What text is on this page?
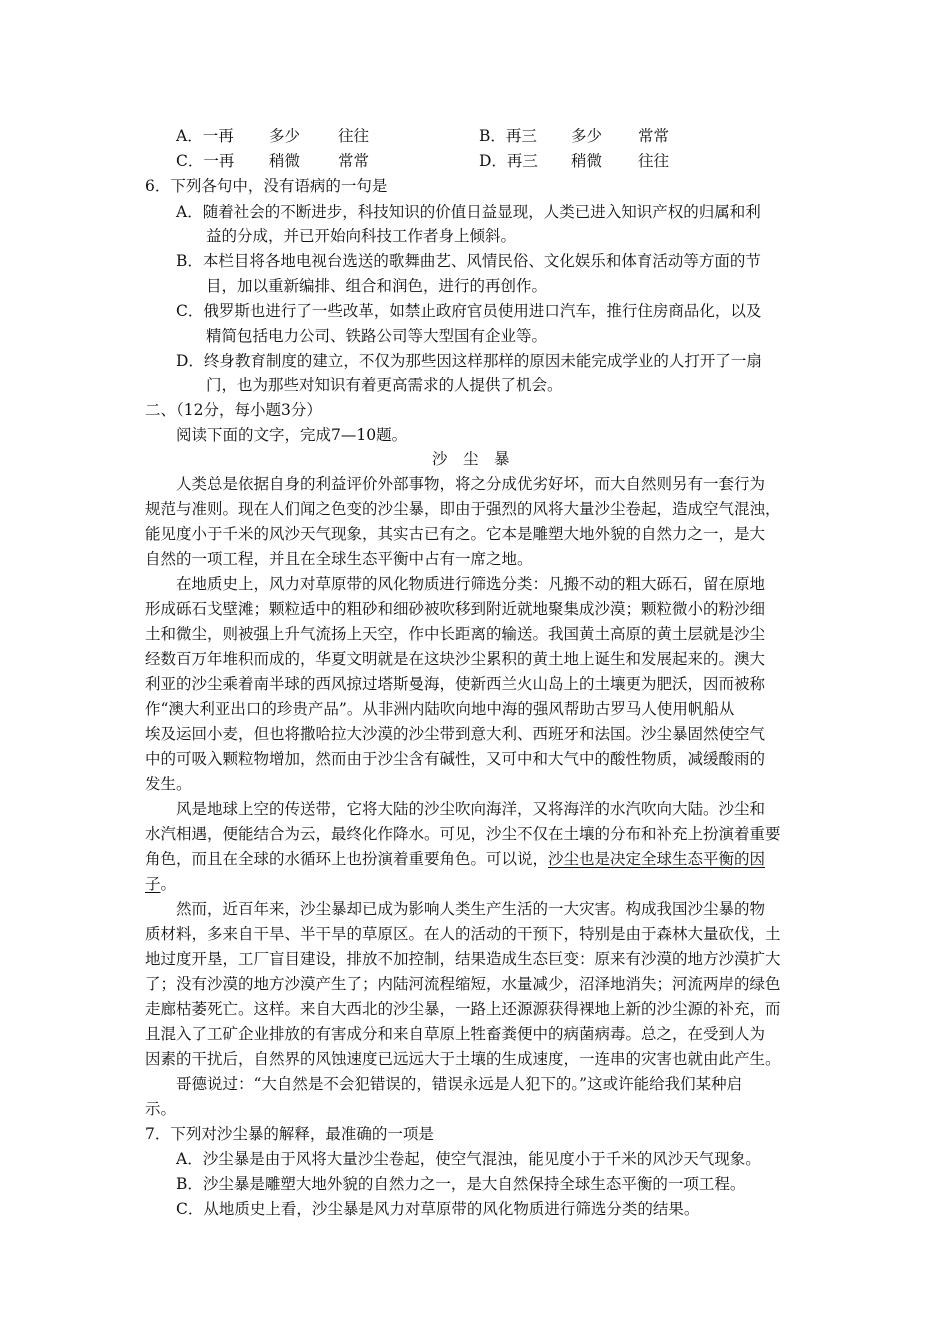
A．一再 多少 往往	B．再三 多少 常常
C．一再 稍微 常常	D．再三 稍微 往往
6．下列各句中，没有语病的一句是
A．随着社会的不断进步，科技知识的价值日益显现，人类已进入知识产权的归属和利
益的分成，并已开始向科技工作者身上倾斜。
B．本栏目将各地电视台选送的歌舞曲艺、风情民俗、文化娱乐和体育活动等方面的节
目，加以重新编排、组合和润色，进行的再创作。
C．俄罗斯也进行了一些改革，如禁止政府官员使用进口汽车，推行住房商品化，以及
精简包括电力公司、铁路公司等大型国有企业等。
D．终身教育制度的建立，不仅为那些因这样那样的原因未能完成学业的人打开了一扇
门，也为那些对知识有着更高需求的人提供了机会。
二、（12分，每小题3分）
阅读下面的文字，完成7—10题。
沙　尘　暴
人类总是依据自身的利益评价外部事物，将之分成优劣好坏，而大自然则另有一套行为
规范与准则。现在人们闻之色变的沙尘暴，即由于强烈的风将大量沙尘卷起，造成空气混浊，
能见度小于千米的风沙天气现象，其实古已有之。它本是雕塑大地外貌的自然力之一，是大
自然的一项工程，并且在全球生态平衡中占有一席之地。
在地质史上，风力对草原带的风化物质进行筛选分类：凡搬不动的粗大砾石，留在原地
形成砾石戈壁滩；颗粒适中的粗砂和细砂被吹移到附近就地聚集成沙漠；颗粒微小的粉沙细
土和微尘，则被强上升气流扬上天空，作中长距离的输送。我国黄土高原的黄土层就是沙尘
经数百万年堆积而成的，华夏文明就是在这块沙尘累积的黄土地上诞生和发展起来的。澳大
利亚的沙尘乘着南半球的西风掠过塔斯曼海，使新西兰火山岛上的土壤更为肥沃，因而被称
作“澳大利亚出口的珍贵产品”。从非洲内陆吹向地中海的强风帮助古罗马人使用帆船从
埃及运回小麦，但也将撒哈拉大沙漠的沙尘带到意大利、西班牙和法国。沙尘暴固然使空气
中的可吸入颗粒物增加，然而由于沙尘含有碱性，又可中和大气中的酸性物质，减缓酸雨的
发生。
风是地球上空的传送带，它将大陆的沙尘吹向海洋，又将海洋的水汽吹向大陆。沙尘和
水汽相遇，便能结合为云，最终化作降水。可见，沙尘不仅在土壤的分布和补充上扮演着重要
角色，而且在全球的水循环上也扮演着重要角色。可以说，沙尘也是决定全球生态平衡的因
子。
然而，近百年来，沙尘暴却已成为影响人类生产生活的一大灾害。构成我国沙尘暴的物
质材料，多来自干旱、半干旱的草原区。在人的活动的干预下，特别是由于森林大量砍伐，土
地过度开垦，工厂盲目建设，排放不加控制，结果造成生态巨变：原来有沙漠的地方沙漠扩大
了；没有沙漠的地方沙漠产生了；内陆河流程缩短，水量减少，沼泽地消失；河流两岸的绿色
走廊枯萎死亡。这样。来自大西北的沙尘暴，一路上还源源获得裸地上新的沙尘源的补充，而
且混入了工矿企业排放的有害成分和来自草原上牲畜粪便中的病菌病毒。总之，在受到人为
因素的干扰后，自然界的风蚀速度已远远大于土壤的生成速度，一连串的灾害也就由此产生。
哥德说过：“大自然是不会犯错误的，错误永远是人犯下的。”这或许能给我们某种启
示。
7．下列对沙尘暴的解释，最准确的一项是
A．沙尘暴是由于风将大量沙尘卷起，使空气混浊，能见度小于千米的风沙天气现象。
B．沙尘暴是雕塑大地外貌的自然力之一，是大自然保持全球生态平衡的一项工程。
C．从地质史上看，沙尘暴是风力对草原带的风化物质进行筛选分类的结果。
